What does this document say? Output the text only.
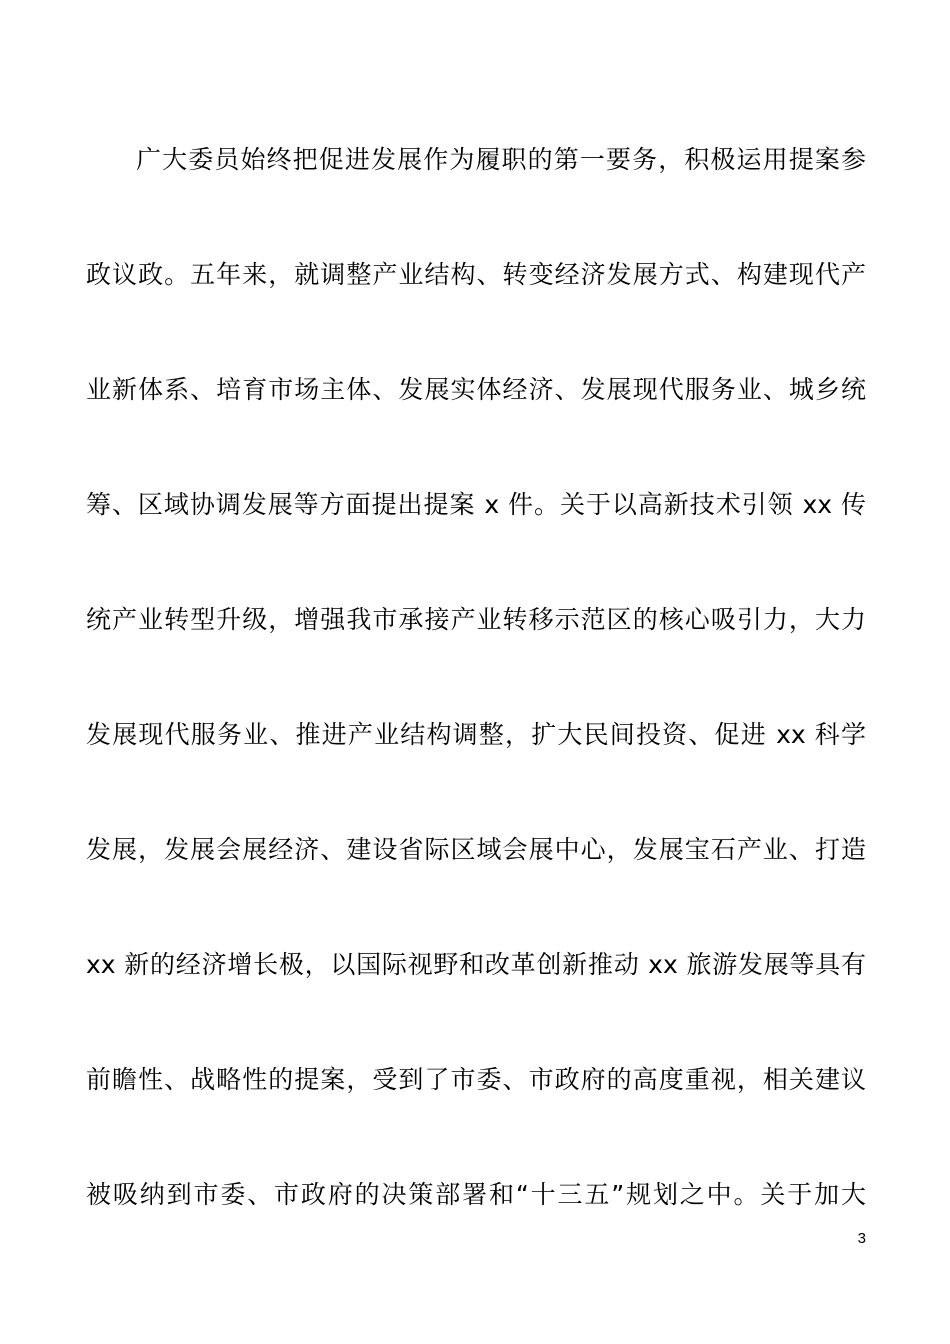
广大委员始终把促进发展作为履职的第一要务，积极运用提案参
政议政。五年来，就调整产业结构、转变经济发展方式、构建现代产
业新体系、培育市场主体、发展实体经济、发展现代服务业、城乡统
筹、区域协调发展等方面提出提案 x 件。关于以高新技术引领 xx 传
统产业转型升级，增强我市承接产业转移示范区的核心吸引力，大力
发展现代服务业、推进产业结构调整，扩大民间投资、促进 xx 科学
发展，发展会展经济、建设省际区域会展中心，发展宝石产业、打造
xx 新的经济增长极，以国际视野和改革创新推动 xx 旅游发展等具有
前瞻性、战略性的提案，受到了市委、市政府的高度重视，相关建议
被吸纳到市委、市政府的决策部署和“十三五”规划之中。关于加大
3
